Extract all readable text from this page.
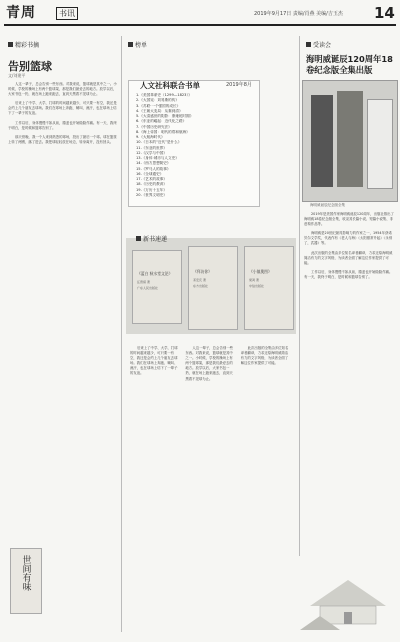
青周	书讯	2019年9月17日 责编/肖燕 美编/吉玉杰 14
精彩书摘
告别篮球
文/刘建平

人这一辈子，总会告别一些东西。对我来说，篮球就是其中之一。小时候，学校的操场上有两个篮球架，那是我们最爱去的地方。放学以后，大家书包一扔，就在场上跑来跑去，直到天黑看不见球为止。

后来上了中学、大学，打球的时间越来越少，可只要一有空，我还是会约上几个朋友去球场。我们在球场上奔跑、喊叫、流汗，也在球场上结下了一辈子的友谊。

工作以后，身体慢慢不如从前，膝盖也开始隐隐作痛。有一天，我终于明白，是时候和篮球告别了。

那天傍晚，我一个人来到熟悉的球场，投出了最后一个球。球在篮筐上转了两圈，落了进去。我把球轻轻放在场边，转身离开，没有回头。

世间有味
榜单
人文社科联合书单	2019年8月
1.《美国革命史（1299—1823）》
2.《大国宪：刘易斯的传》
3.《苏联·一个强国的成长》
4.《王朝大变局：从秦到清》
5.《大清盛世的阴影：康雍乾时期》
6.《东亚的崛起：近代化之路》
7.《中国历史研究法》
8.《海上帝国：明代的郑和航海》
9.《大航海时代》
10.《日本的“近代”是什么》
11.《东亚的世界》
12.《汉学与中国》
13.《身体·城市与人文史》
14.《西方思想简史》
15.《罗马人的故事》
16.《全球通史》
17.《艺术的故事》
18.《历史的教训》
19.《万历十五年》
20.《世界文明史》
新书速递
《蓝白 秋水堂文论》
汪曾祺 著
广东人民出版社
《拜访你》
邓安庆 著
东方出版社
《小镇奥图》
梁鸿 著
中信出版社

后来上了中学、大学，打球的时间越来越少，可只要一有空，我还是会约上几个朋友去球场。我们在球场上奔跑、喊叫、流汗，也在球场上结下了一辈子的友谊。

人这一辈子，总会告别一些东西。对我来说，篮球就是其中之一。小时候，学校的操场上有两个篮球架，那是我们最爱去的地方。放学以后，大家书包一扔，就在场上跑来跑去，直到天黑看不见球为止。

此次出版的全集由多位知名译者翻译，力求还原海明威简洁有力的文字风格，为读者全面了解这位作家提供了可能。

受读会
海明威诞辰120周年18卷纪念版全集出版
海明威诞辰纪念版全集

2019年是美国作家海明威诞辰120周年，出版社推出了海明威18卷纪念版全集，收录其长篇小说、短篇小说集、非虚构作品等。

海明威是20世纪最具影响力的作家之一，1954年获诺贝尔文学奖，代表作有《老人与海》《太阳照常升起》《永别了，武器》等。

此次出版的全集由多位知名译者翻译，力求还原海明威简洁有力的文字风格，为读者全面了解这位作家提供了可能。

工作以后，身体慢慢不如从前，膝盖也开始隐隐作痛。有一天，我终于明白，是时候和篮球告别了。
